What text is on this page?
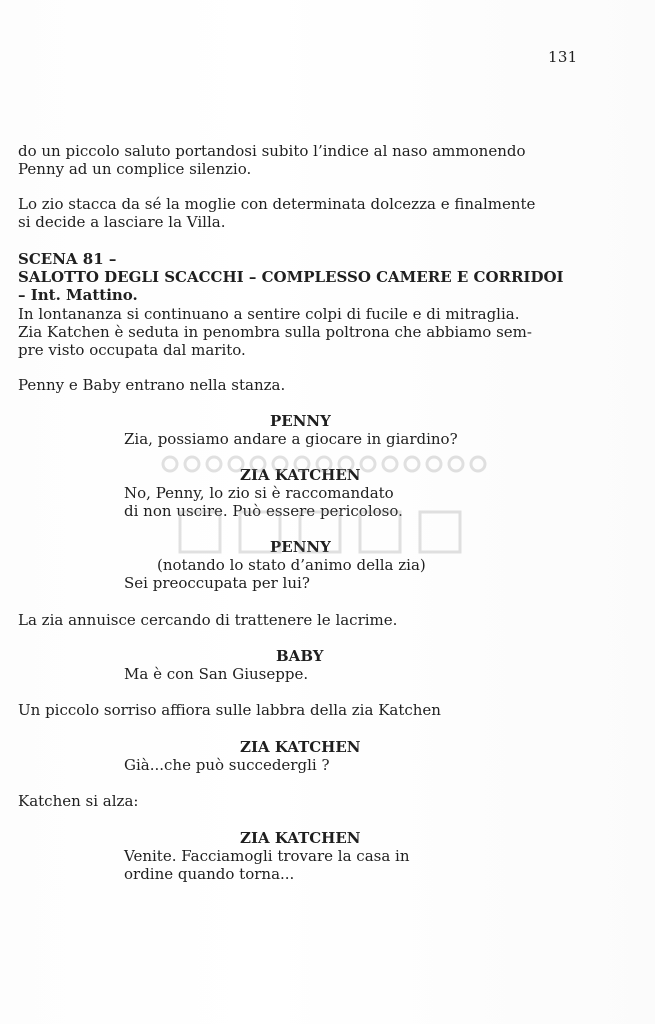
131
do un piccolo saluto portandosi subito l’indice al naso ammonendo
Penny ad un complice silenzio.
Lo zio stacca da sé la moglie con determinata dolcezza e finalmente
si decide a lasciare la Villa.
SCENA 81 –
SALOTTO DEGLI SCACCHI – COMPLESSO CAMERE E CORRIDOI
– Int. Mattino.
In lontananza si continuano a sentire colpi di fucile e di mitraglia.
Zia Katchen è seduta in penombra sulla poltrona che abbiamo sem-
pre visto occupata dal marito.
Penny e Baby entrano nella stanza.
PENNY
Zia, possiamo andare a giocare in giardino?
ZIA KATCHEN
No, Penny, lo zio si è raccomandato
di non uscire. Può essere pericoloso.
PENNY
(notando lo stato d’animo della zia)
Sei preoccupata per lui?
La zia annuisce cercando di trattenere le lacrime.
BABY
Ma è con San Giuseppe.
Un piccolo sorriso affiora sulle labbra della zia Katchen
ZIA KATCHEN
Già...che può succedergli ?
Katchen si alza:
ZIA KATCHEN
Venite. Facciamogli trovare la casa in
ordine quando torna...
